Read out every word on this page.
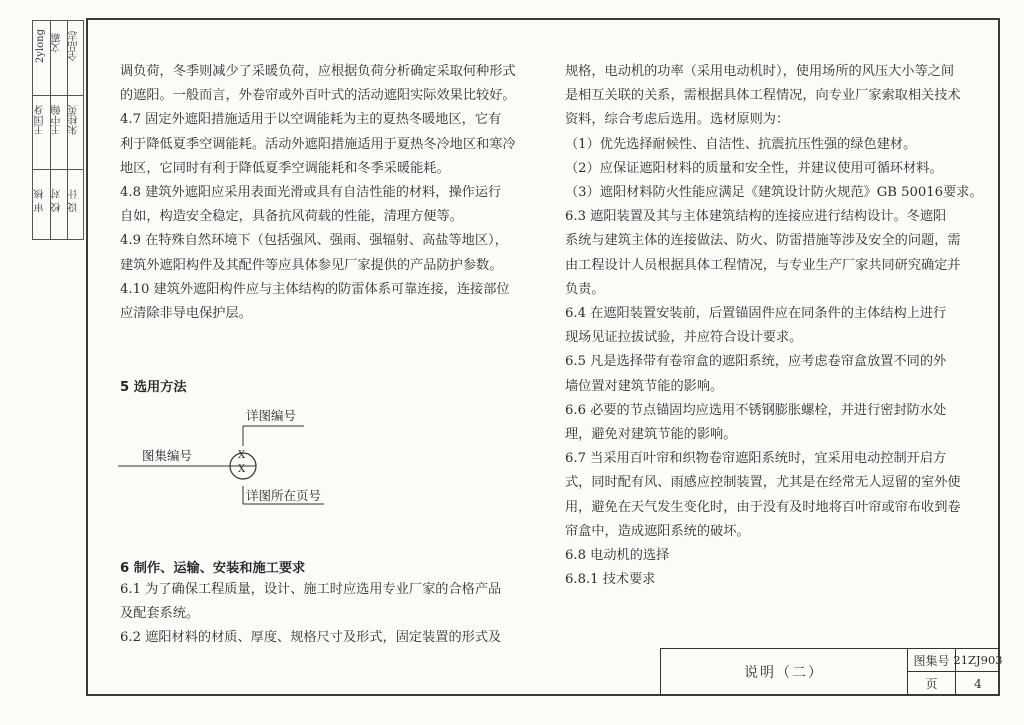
2ylong 文霸 全品志
王国身 王中翰 朱桂英
审 核 校 对 设 计

调负荷，冬季则减少了采暖负荷，应根据负荷分析确定采取何种形式

的遮阳。一般而言，外卷帘或外百叶式的活动遮阳实际效果比较好。

4.7 固定外遮阳措施适用于以空调能耗为主的夏热冬暖地区，它有

利于降低夏季空调能耗。活动外遮阳措施适用于夏热冬冷地区和寒冷

地区，它同时有利于降低夏季空调能耗和冬季采暖能耗。

4.8 建筑外遮阳应采用表面光滑或具有自洁性能的材料，操作运行

自如，构造安全稳定，具备抗风荷载的性能，清理方便等。

4.9 在特殊自然环境下（包括强风、强雨、强辐射、高盐等地区），

建筑外遮阳构件及其配件等应具体参见厂家提供的产品防护参数。

4.10 建筑外遮阳构件应与主体结构的防雷体系可靠连接，连接部位

应清除非导电保护层。

5 选用方法
详图编号
图集编号	X
X
详图所在页号
6 制作、运输、安装和施工要求

6.1 为了确保工程质量，设计、施工时应选用专业厂家的合格产品

及配套系统。

6.2 遮阳材料的材质、厚度、规格尺寸及形式，固定装置的形式及

规格，电动机的功率（采用电动机时），使用场所的风压大小等之间

是相互关联的关系，需根据具体工程情况，向专业厂家索取相关技术

资料，综合考虑后选用。选材原则为：

（1）优先选择耐候性、自洁性、抗震抗压性强的绿色建材。

（2）应保证遮阳材料的质量和安全性，并建议使用可循环材料。

（3）遮阳材料防火性能应满足《建筑设计防火规范》GB 50016要求。

6.3 遮阳装置及其与主体建筑结构的连接应进行结构设计。冬遮阳

系统与建筑主体的连接做法、防火、防雷措施等涉及安全的问题，需

由工程设计人员根据具体工程情况，与专业生产厂家共同研究确定并

负责。

6.4 在遮阳装置安装前，后置锚固件应在同条件的主体结构上进行

现场见证拉拔试验，并应符合设计要求。

6.5 凡是选择带有卷帘盒的遮阳系统，应考虑卷帘盒放置不同的外

墙位置对建筑节能的影响。

6.6 必要的节点锚固均应选用不锈钢膨胀螺栓，并进行密封防水处

理，避免对建筑节能的影响。

6.7 当采用百叶帘和织物卷帘遮阳系统时，宜采用电动控制开启方

式，同时配有风、雨感应控制装置，尤其是在经常无人逗留的室外使

用，避免在天气发生变化时，由于没有及时地将百叶帘或帘布收到卷

帘盒中，造成遮阳系统的破坏。

6.8 电动机的选择

6.8.1 技术要求

说明（二）
图集号 21ZJ903
页	4
